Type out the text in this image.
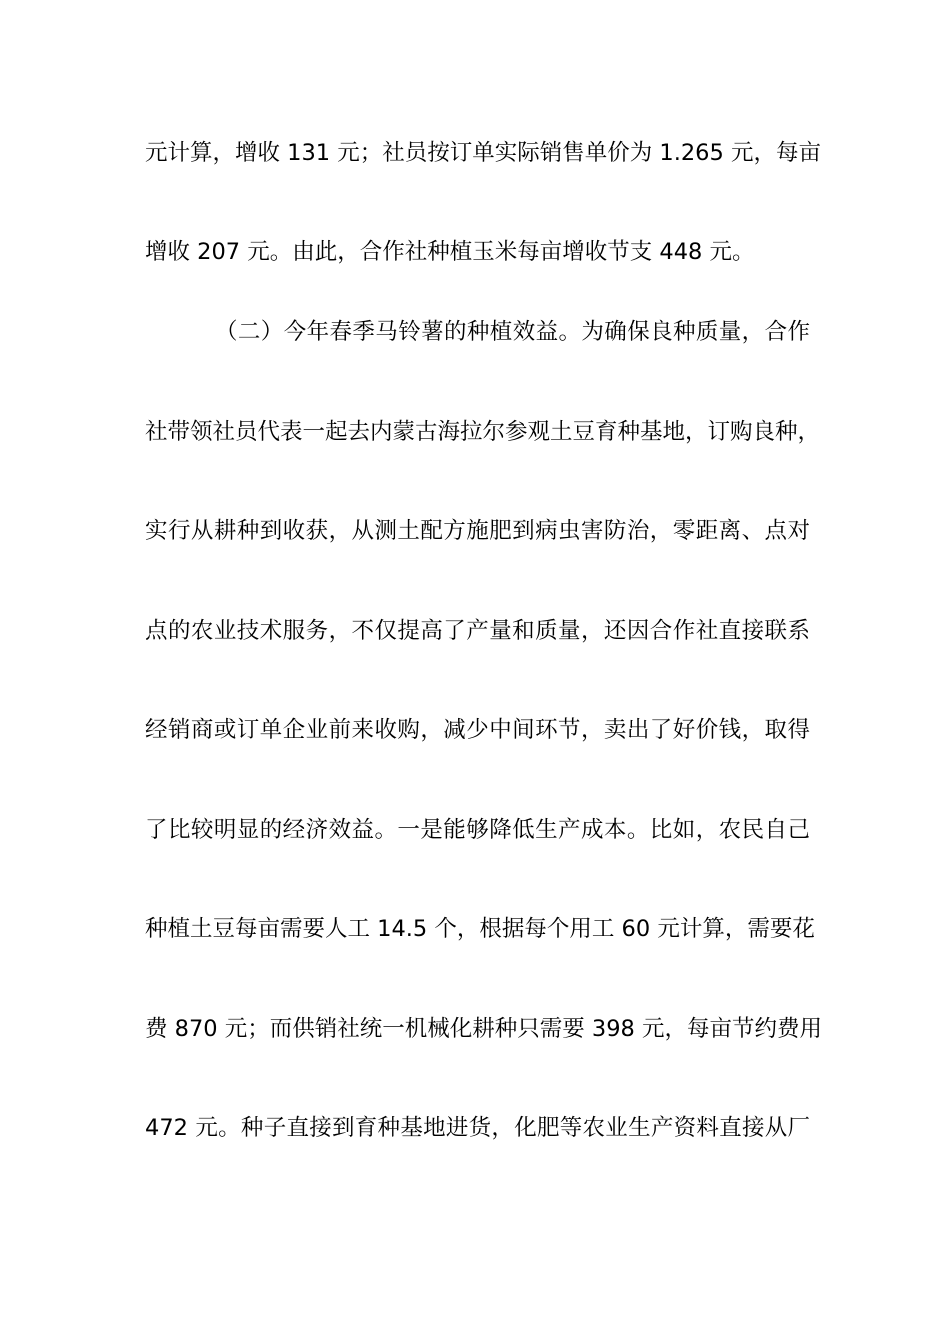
元计算，增收 131 元；社员按订单实际销售单价为 1.265 元，每亩
增收 207 元。由此，合作社种植玉米每亩增收节支 448 元。
（二）今年春季马铃薯的种植效益。为确保良种质量，合作
社带领社员代表一起去内蒙古海拉尔参观土豆育种基地，订购良种，
实行从耕种到收获，从测土配方施肥到病虫害防治，零距离、点对
点的农业技术服务，不仅提高了产量和质量，还因合作社直接联系
经销商或订单企业前来收购，减少中间环节，卖出了好价钱，取得
了比较明显的经济效益。一是能够降低生产成本。比如，农民自己
种植土豆每亩需要人工 14.5 个，根据每个用工 60 元计算，需要花
费 870 元；而供销社统一机械化耕种只需要 398 元，每亩节约费用
472 元。种子直接到育种基地进货，化肥等农业生产资料直接从厂
